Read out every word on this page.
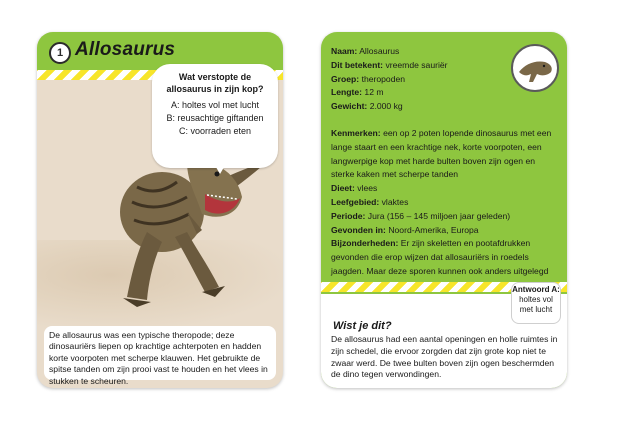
1 Allosaurus
Wat verstopte de allosaurus in zijn kop?
A: holtes vol met lucht
B: reusachtige giftanden
C: voorraden eten
De allosaurus was een typische theropode; deze dinosauriërs liepen op krachtige achterpoten en hadden korte voorpoten met scherpe klauwen. Het gebruikte de spitse tanden om zijn prooi vast te houden en het vlees in stukken te scheuren.
Naam: Allosaurus
Dit betekent: vreemde sauriër
Groep: theropoden
Lengte: 12 m
Gewicht: 2.000 kg
Kenmerken: een op 2 poten lopende dinosaurus met een lange staart en een krachtige nek, korte voorpoten, een langwerpige kop met harde bulten boven zijn ogen en sterke kaken met scherpe tanden
Dieet: vlees
Leefgebied: vlaktes
Periode: Jura (156 – 145 miljoen jaar geleden)
Gevonden in: Noord-Amerika, Europa
Bijzonderheden: Er zijn skeletten en pootafdrukken gevonden die erop wijzen dat allosauriërs in roedels jaagden. Maar deze sporen kunnen ook anders uitgelegd
Antwoord A:
holtes vol met lucht
Wist je dit?
De allosaurus had een aantal openingen en holle ruimtes in zijn schedel, die ervoor zorgden dat zijn grote kop niet te zwaar werd. De twee bulten boven zijn ogen beschermden de dino tegen verwondingen.
